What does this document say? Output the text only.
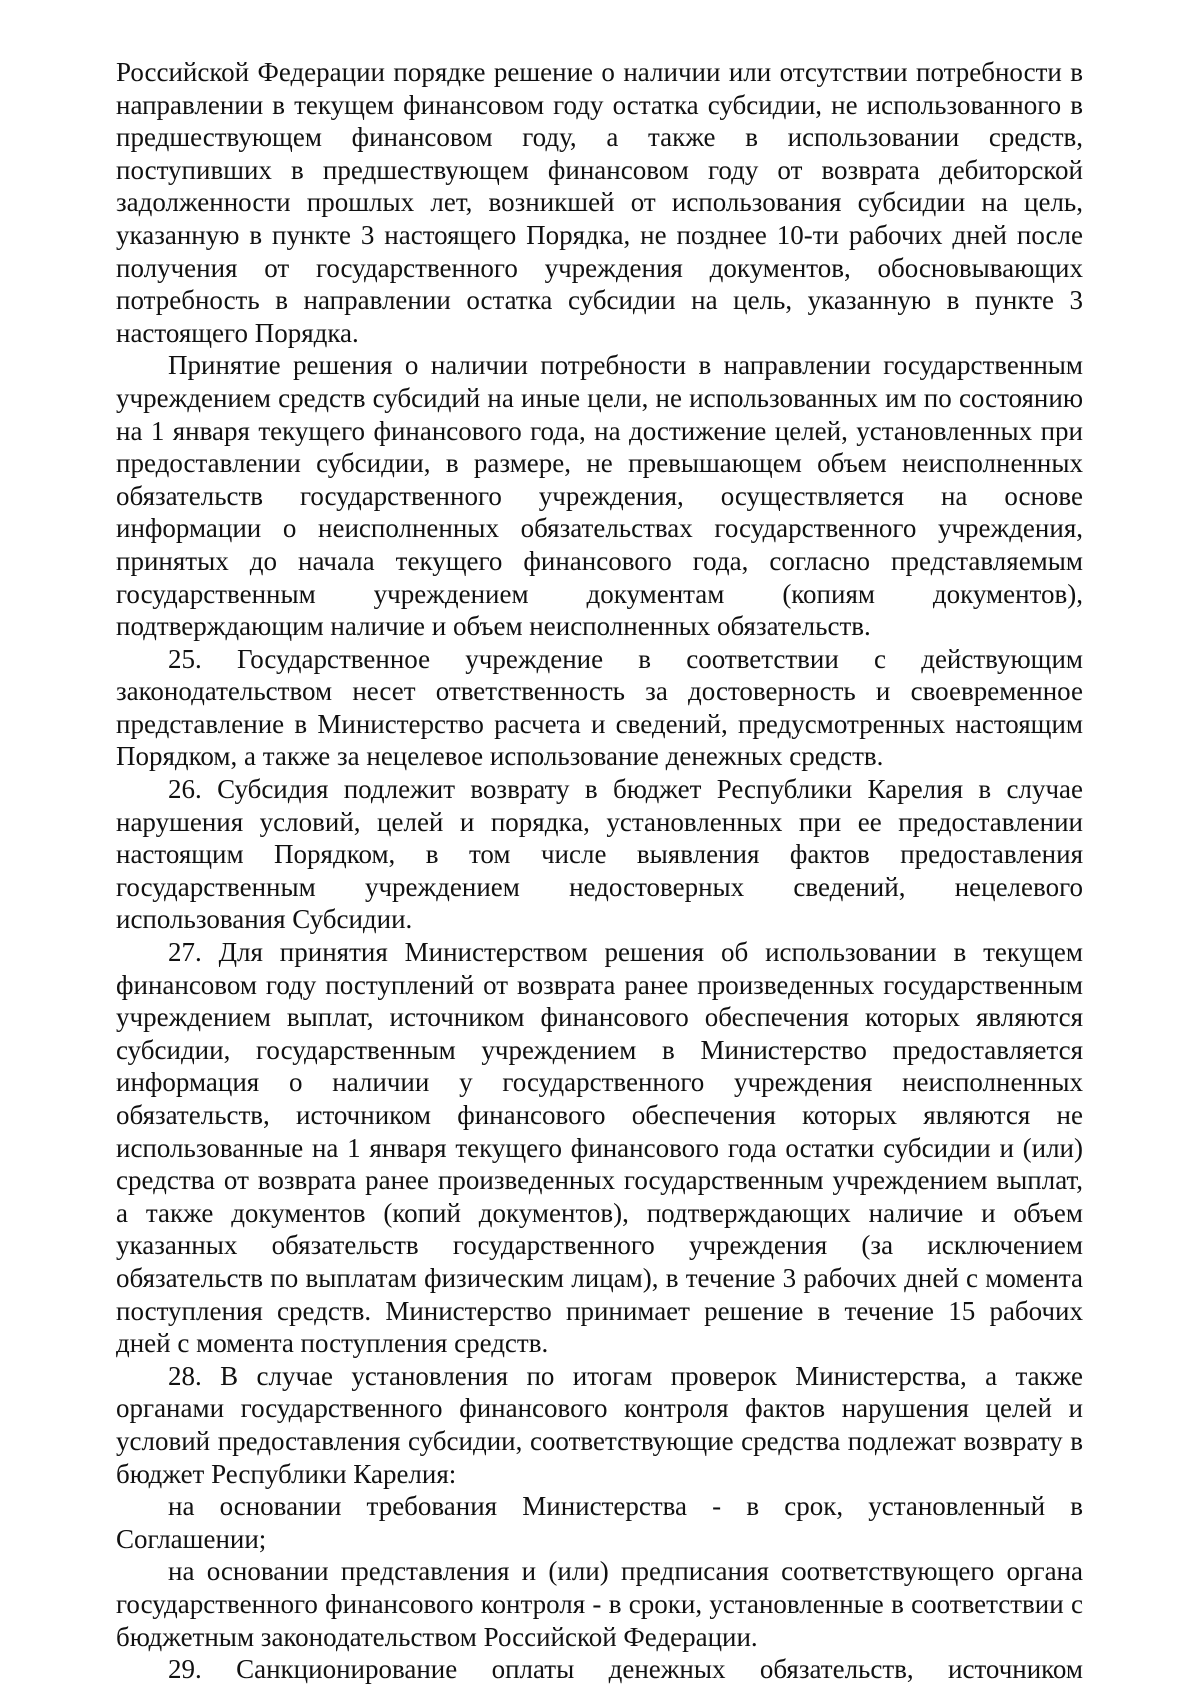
Российской Федерации порядке решение о наличии или отсутствии потребности в направлении в текущем финансовом году остатка субсидии, не использованного в предшествующем финансовом году, а также в использовании средств, поступивших в предшествующем финансовом году от возврата дебиторской задолженности прошлых лет, возникшей от использования субсидии на цель, указанную в пункте 3 настоящего Порядка, не позднее 10-ти рабочих дней после получения от государственного учреждения документов, обосновывающих потребность в направлении остатка субсидии на цель, указанную в пункте 3 настоящего Порядка.

Принятие решения о наличии потребности в направлении государственным учреждением средств субсидий на иные цели, не использованных им по состоянию на 1 января текущего финансового года, на достижение целей, установленных при предоставлении субсидии, в размере, не превышающем объем неисполненных обязательств государственного учреждения, осуществляется на основе информации о неисполненных обязательствах государственного учреждения, принятых до начала текущего финансового года, согласно представляемым государственным учреждением документам (копиям документов), подтверждающим наличие и объем неисполненных обязательств.

25. Государственное учреждение в соответствии с действующим законодательством несет ответственность за достоверность и своевременное представление в Министерство расчета и сведений, предусмотренных настоящим Порядком, а также за нецелевое использование денежных средств.

26. Субсидия подлежит возврату в бюджет Республики Карелия в случае нарушения условий, целей и порядка, установленных при ее предоставлении настоящим Порядком, в том числе выявления фактов предоставления государственным учреждением недостоверных сведений, нецелевого использования Субсидии.

27. Для принятия Министерством решения об использовании в текущем финансовом году поступлений от возврата ранее произведенных государственным учреждением выплат, источником финансового обеспечения которых являются субсидии, государственным учреждением в Министерство предоставляется информация о наличии у государственного учреждения неисполненных обязательств, источником финансового обеспечения которых являются не использованные на 1 января текущего финансового года остатки субсидии и (или) средства от возврата ранее произведенных государственным учреждением выплат, а также документов (копий документов), подтверждающих наличие и объем указанных обязательств государственного учреждения (за исключением обязательств по выплатам физическим лицам), в течение 3 рабочих дней с момента поступления средств. Министерство принимает решение в течение 15 рабочих дней с момента поступления средств.

28. В случае установления по итогам проверок Министерства, а также органами государственного финансового контроля фактов нарушения целей и условий предоставления субсидии, соответствующие средства подлежат возврату в бюджет Республики Карелия:

на основании требования Министерства - в срок, установленный в Соглашении;

на основании представления и (или) предписания соответствующего органа государственного финансового контроля - в сроки, установленные в соответствии с бюджетным законодательством Российской Федерации.

29. Санкционирование оплаты денежных обязательств, источником
